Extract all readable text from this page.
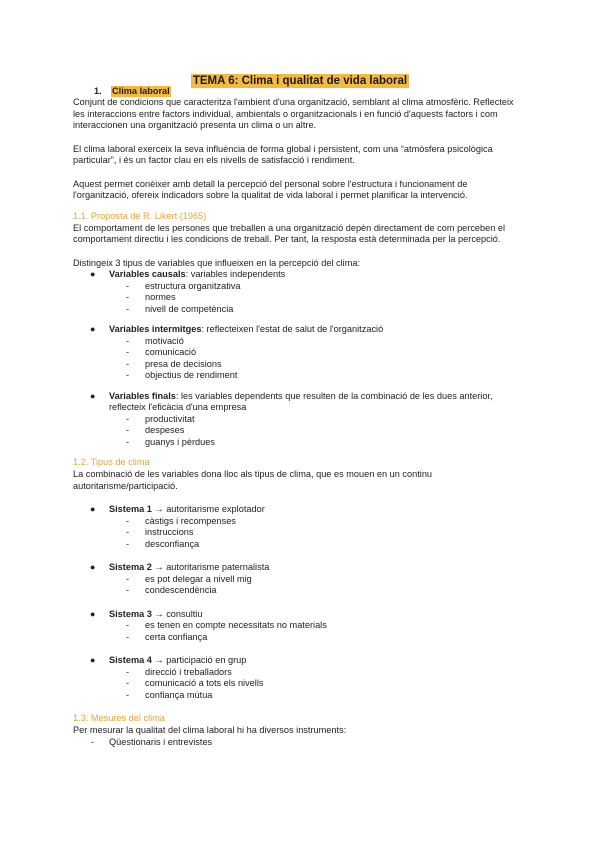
TEMA 6: Clima i qualitat de vida laboral
1. Clima laboral

Conjunt de condicions que caracteritza l'ambient d'una organització, semblant al clima atmosfèric. Reflecteix les interaccions entre factors individual, ambientals o organitzacionals i en funció d'aquests factors i com interaccionen una organització presenta un clima o un altre.

El clima laboral exerceix la seva influència de forma global i persistent, com una “atmòsfera psicològica particular”, i és un factor clau en els nivells de satisfacció i rendiment.

Aquest permet conèixer amb detall la percepció del personal sobre l'estructura i funcionament de l'organització, ofereix indicadors sobre la qualitat de vida laboral i permet planificar la intervenció.

1.1. Proposta de R. Likert (1965)

El comportament de les persones que treballen a una organització depèn directament de com perceben el comportament directiu i les condicions de treball. Per tant, la resposta està determinada per la percepció.

Distingeix 3 tipus de variables que influeixen en la percepció del clima:

● Variables causals: variables independents
- estructura organitzativa
- normes
- nivell de competència
● Variables intermitges: reflecteixen l'estat de salut de l'organització
- motivació
- comunicació
- presa de decisions
- objectius de rendiment
● Variables finals: les variables dependents que resulten de la combinació de les dues anterior, reflecteix l'eficàcia d'una empresa
- productivitat
- despeses
- guanys i pèrdues
1.2. Tipus de clima

La combinació de les variables dona lloc als tipus de clima, que es mouen en un continu autoritarisme/participació.

● Sistema 1 → autoritarisme explotador
- càstigs i recompenses
- instruccions
- desconfiança
● Sistema 2 → autoritarisme paternalista
- es pot delegar a nivell mig
- condescendència
● Sistema 3 → consultiu
- es tenen en compte necessitats no materials
- certa confiança
● Sistema 4 → participació en grup
- direcció i treballadors
- comunicació a tots els nivells
- confiança mútua
1.3. Mesures del clima

Per mesurar la qualitat del clima laboral hi ha diversos instruments:

- Qüestionaris i entrevistes
